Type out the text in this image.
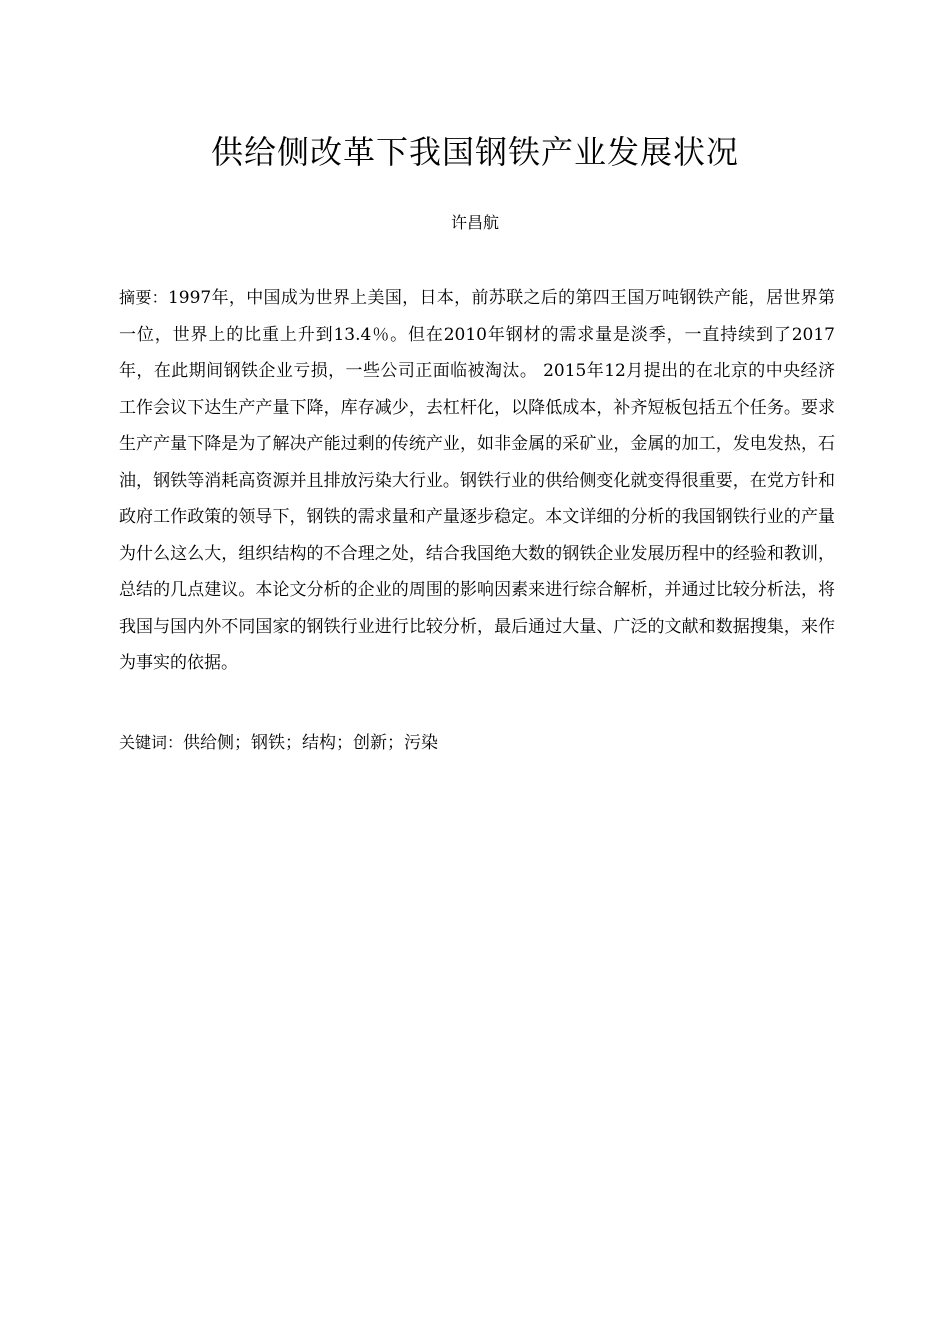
供给侧改革下我国钢铁产业发展状况
许昌航

摘要：1997年，中国成为世界上美国，日本，前苏联之后的第四王国万吨钢铁产能，居世界第一位，世界上的比重上升到13.4％。但在2010年钢材的需求量是淡季，一直持续到了2017年，在此期间钢铁企业亏损，一些公司正面临被淘汰。 2015年12月提出的在北京的中央经济工作会议下达生产产量下降，库存减少，去杠杆化，以降低成本，补齐短板包括五个任务。要求生产产量下降是为了解决产能过剩的传统产业，如非金属的采矿业，金属的加工，发电发热，石油，钢铁等消耗高资源并且排放污染大行业。钢铁行业的供给侧变化就变得很重要，在党方针和政府工作政策的领导下，钢铁的需求量和产量逐步稳定。本文详细的分析的我国钢铁行业的产量为什么这么大，组织结构的不合理之处，结合我国绝大数的钢铁企业发展历程中的经验和教训，总结的几点建议。本论文分析的企业的周围的影响因素来进行综合解析，并通过比较分析法，将我国与国内外不同国家的钢铁行业进行比较分析，最后通过大量、广泛的文献和数据搜集，来作为事实的依据。

关键词：供给侧；钢铁；结构；创新；污染
